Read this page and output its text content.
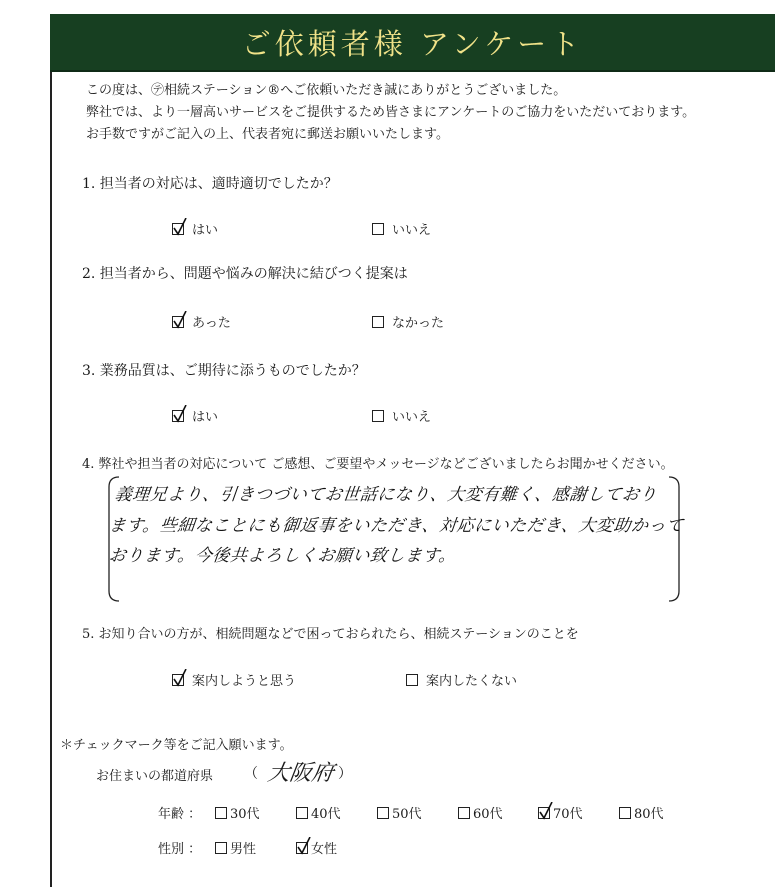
ご依頼者様 アンケート
この度は、㋢相続ステーション®へご依頼いただき誠にありがとうございました。
弊社では、より一層高いサービスをご提供するため皆さまにアンケートのご協力をいただいております。
お手数ですがご記入の上、代表者宛に郵送お願いいたします。
1. 担当者の対応は、適時適切でしたか？
はい	いいえ
2. 担当者から、問題や悩みの解決に結びつく提案は
あった	なかった
3. 業務品質は、ご期待に添うものでしたか？
はい	いいえ
4. 弊社や担当者の対応について ご感想、ご要望やメッセージなどございましたらお聞かせください。
義理兄より、引きつづいてお世話になり、大変有難く、感謝しており
ます。些細なことにも御返事をいただき、対応にいただき、大変助かって
おります。今後共よろしくお願い致します。
5. お知り合いの方が、相続問題などで困っておられたら、相続ステーションのことを
案内しようと思う	案内したくない
＊チェックマーク等をご記入願います。
お住まいの都道府県 （ 大阪府 ）
年齢 ： 30代	40代	50代	60代	70代	80代
性別 ： 男性	女性
